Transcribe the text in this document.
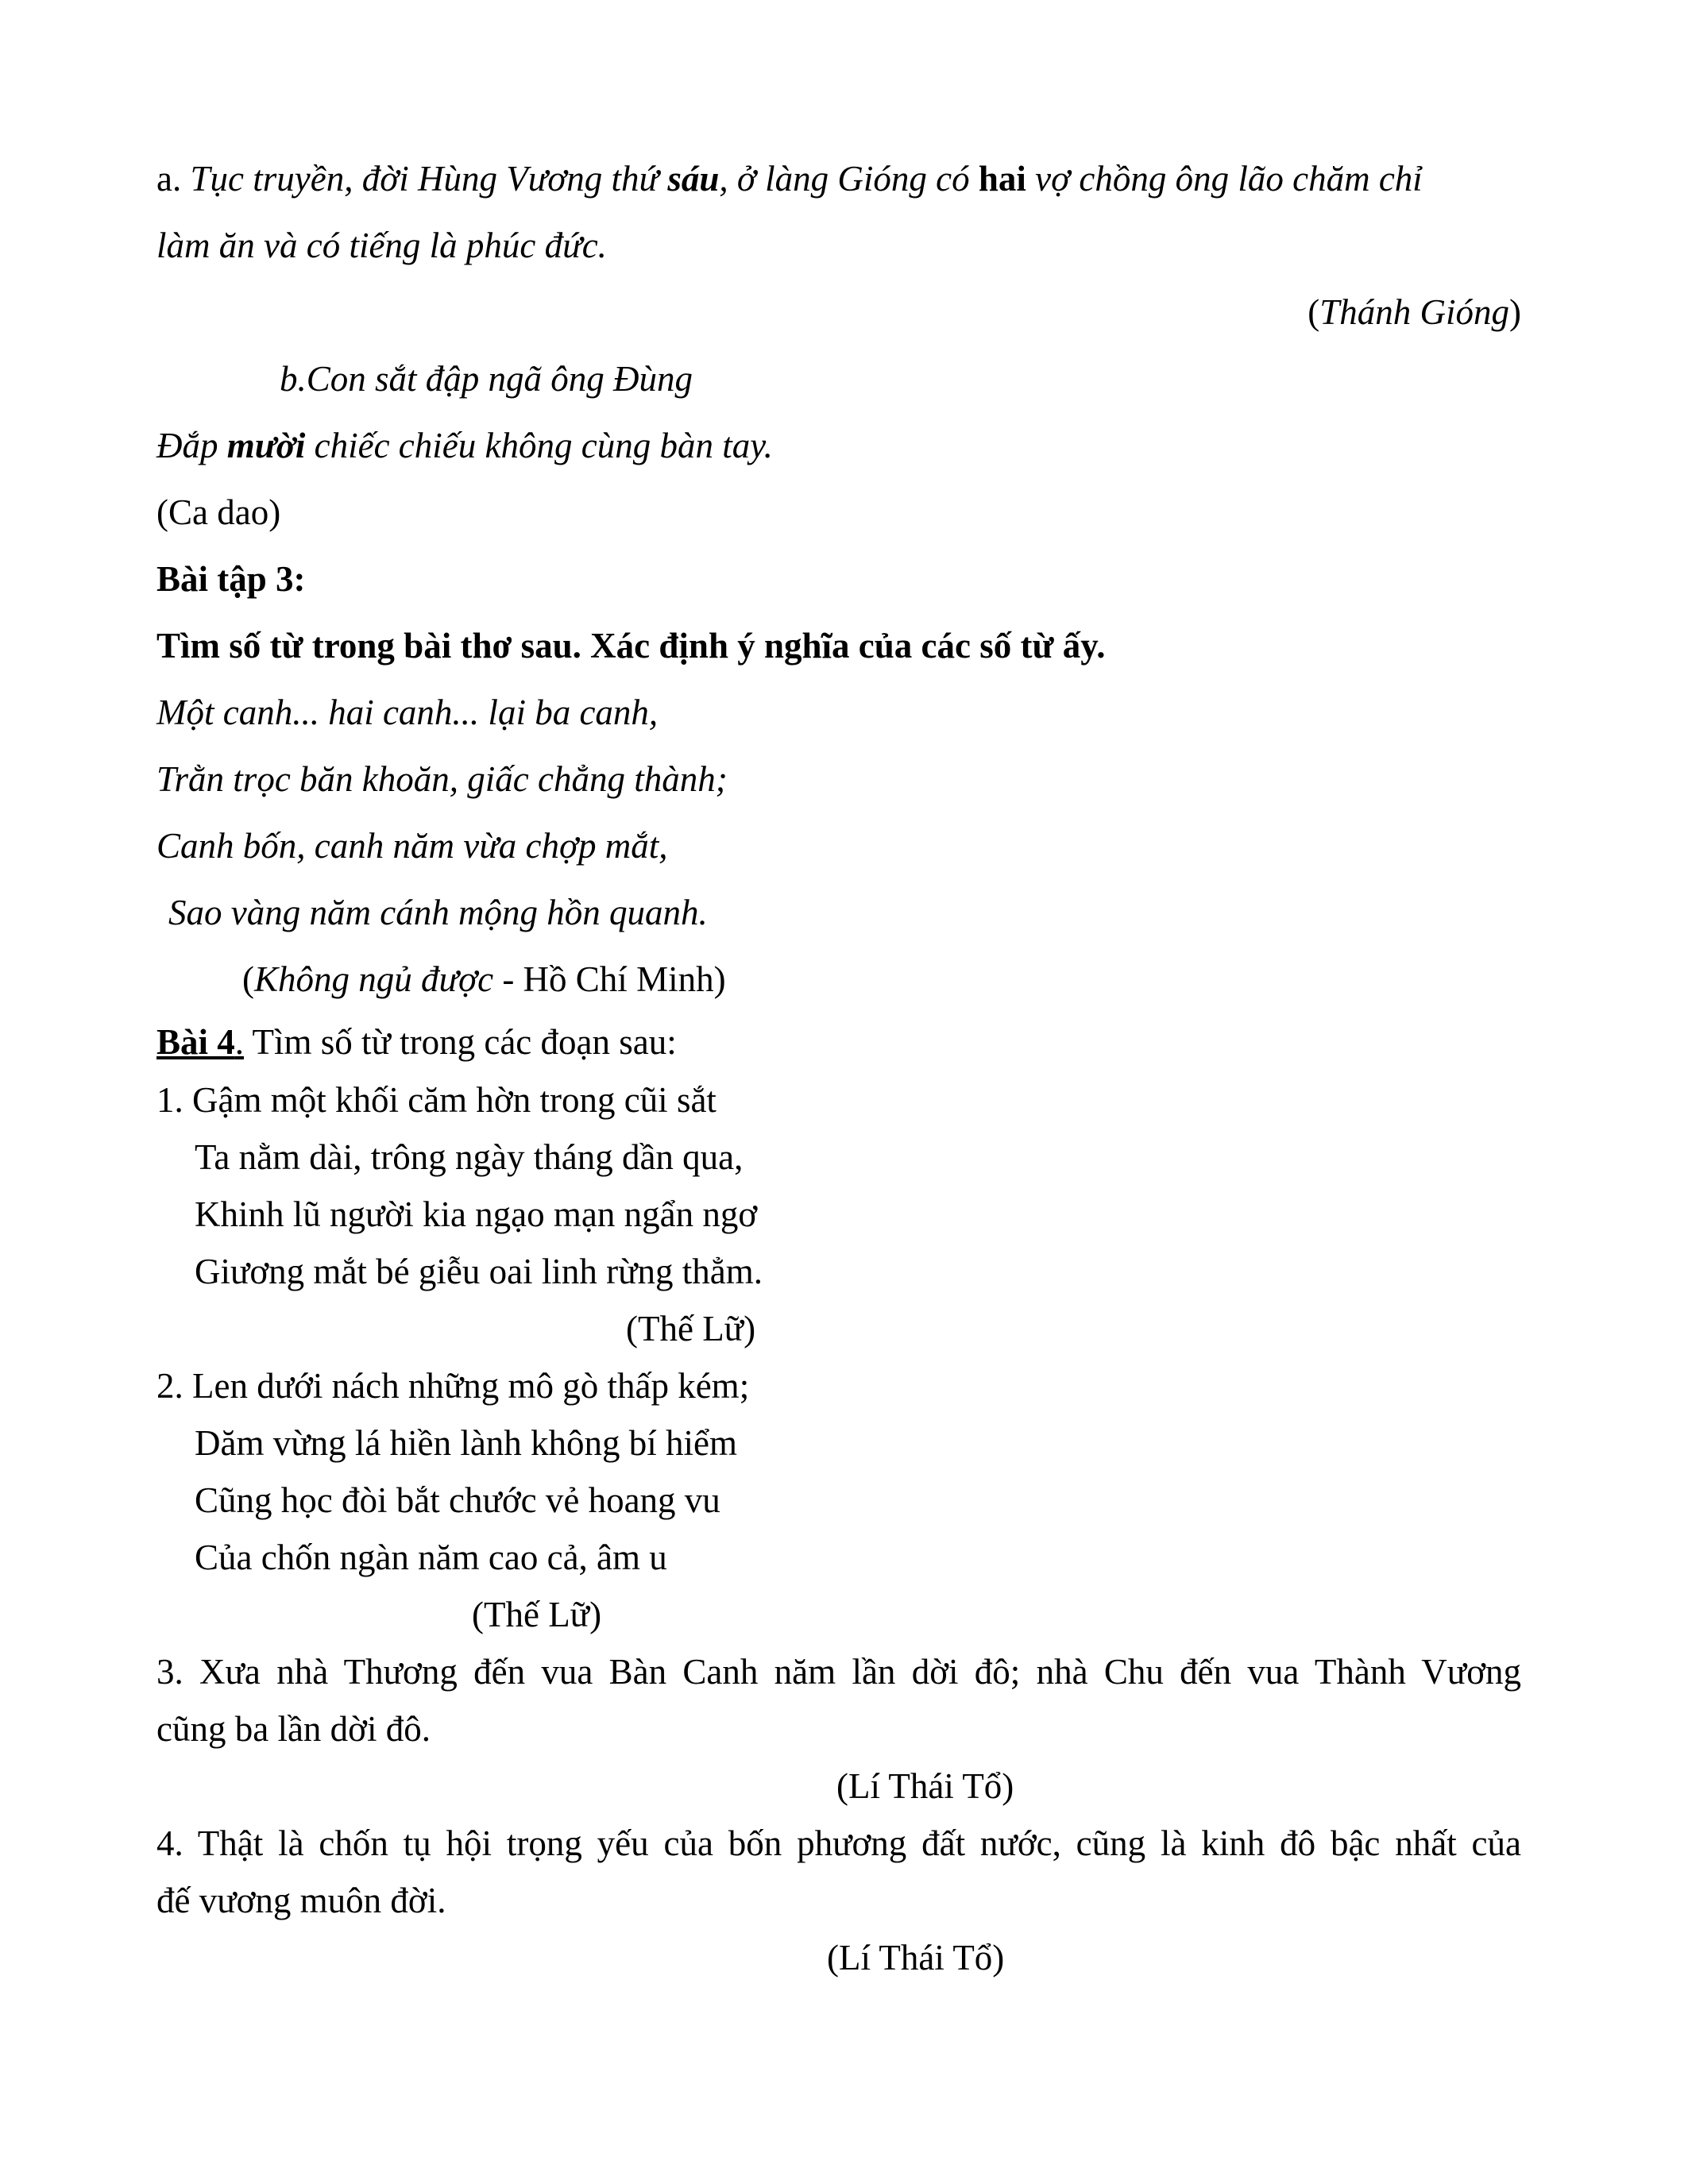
a. Tục truyền, đời Hùng Vương thứ sáu, ở làng Gióng có hai vợ chồng ông lão chăm chỉ

làm ăn và có tiếng là phúc đức.

(Thánh Gióng)

b.Con sắt đập ngã ông Đùng

Đắp mười chiếc chiếu không cùng bàn tay.

(Ca dao)

Bài tập 3:

Tìm số từ trong bài thơ sau. Xác định ý nghĩa của các số từ ấy.

Một canh... hai canh... lại ba canh,

Trằn trọc băn khoăn, giấc chẳng thành;

Canh bốn, canh năm vừa chợp mắt,

Sao vàng năm cánh mộng hồn quanh.

(Không ngủ được - Hồ Chí Minh)

Bài 4. Tìm số từ trong các đoạn sau:

1. Gậm một khối căm hờn trong cũi sắt

Ta nằm dài, trông ngày tháng dần qua,

Khinh lũ người kia ngạo mạn ngẩn ngơ

Giương mắt bé giễu oai linh rừng thẳm.

(Thế Lữ)

2. Len dưới nách những mô gò thấp kém;

Dăm vừng lá hiền lành không bí hiểm

Cũng học đòi bắt chước vẻ hoang vu

Của chốn ngàn năm cao cả, âm u

(Thế Lữ)

3. Xưa nhà Thương đến vua Bàn Canh năm lần dời đô; nhà Chu đến vua Thành Vương

cũng ba lần dời đô.

(Lí Thái Tổ)

4. Thật là chốn tụ hội trọng yếu của bốn phương đất nước, cũng là kinh đô bậc nhất của

đế vương muôn đời.

(Lí Thái Tổ)
